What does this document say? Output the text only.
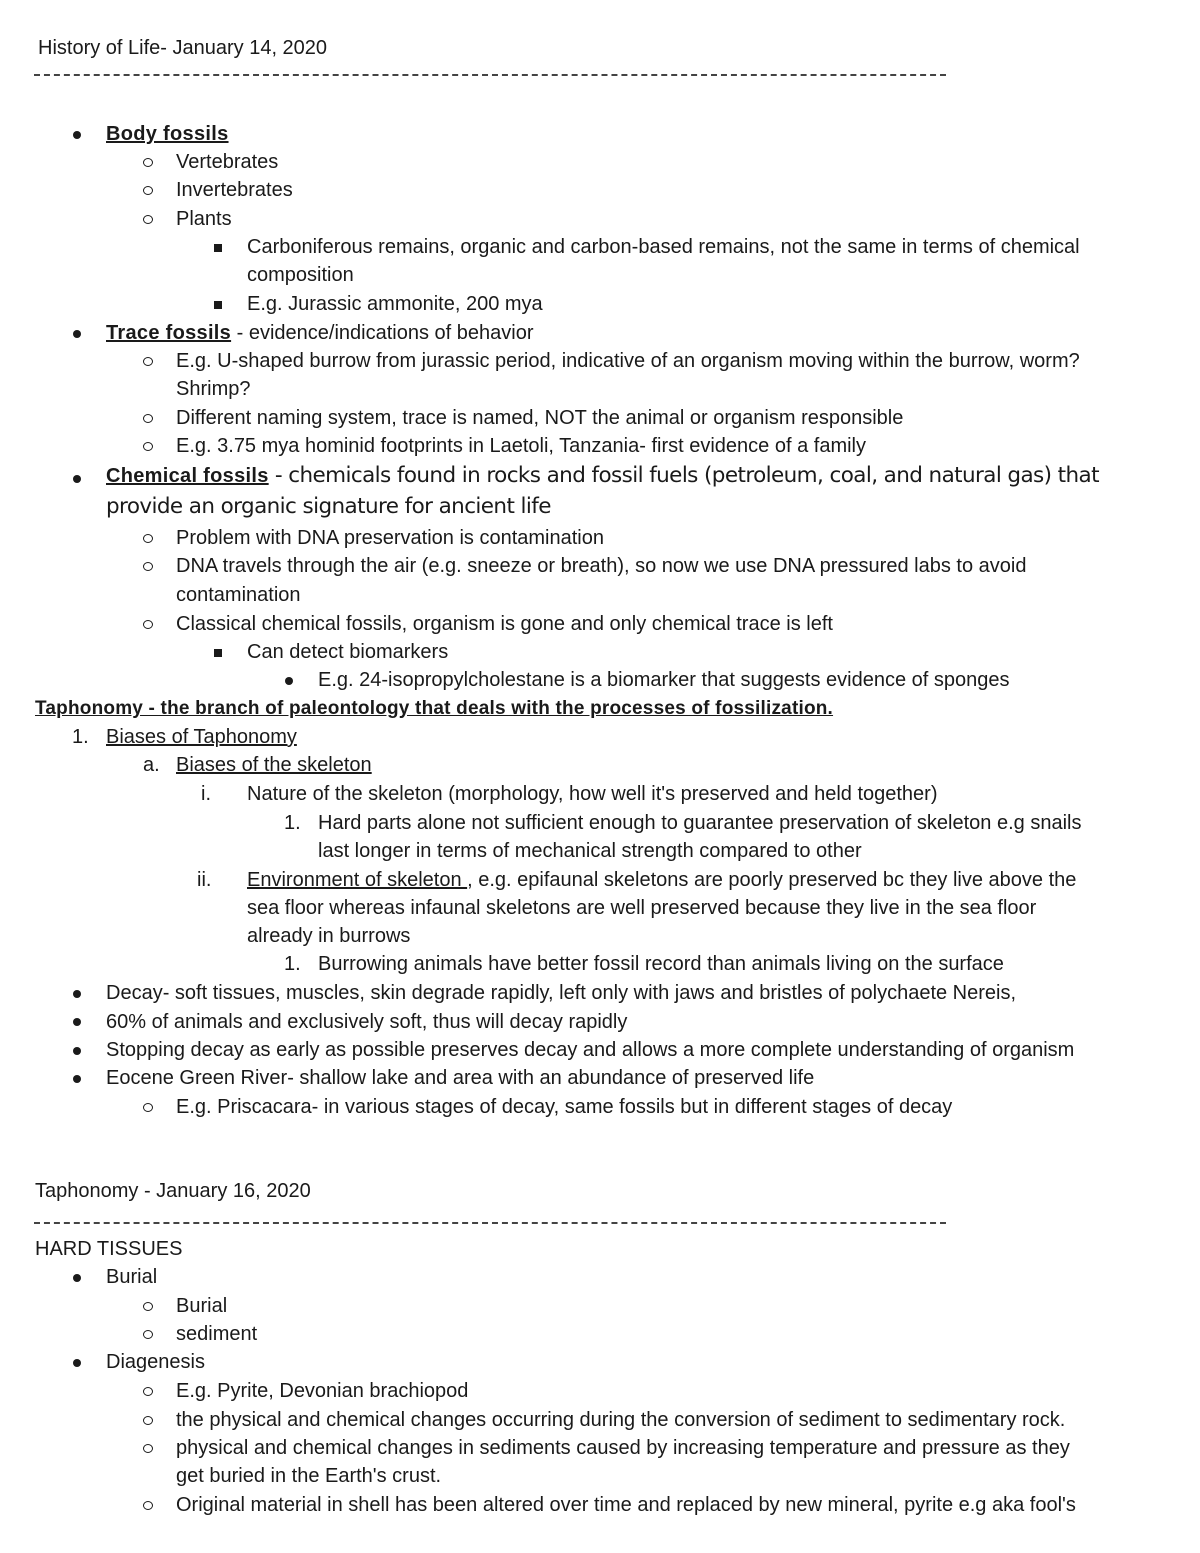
History of Life- January 14, 2020
Body fossils
Vertebrates
Invertebrates
Plants
Carboniferous remains, organic and carbon-based remains, not the same in terms of chemical
composition
E.g. Jurassic ammonite, 200 mya
Trace fossils - evidence/indications of behavior
E.g. U-shaped burrow from jurassic period, indicative of an organism moving within the burrow, worm?
Shrimp?
Different naming system, trace is named, NOT the animal or organism responsible
E.g. 3.75 mya hominid footprints in Laetoli, Tanzania- first evidence of a family
Chemical fossils - chemicals found in rocks and fossil fuels (petroleum, coal, and natural gas) that
provide an organic signature for ancient life
Problem with DNA preservation is contamination
DNA travels through the air (e.g. sneeze or breath), so now we use DNA pressured labs to avoid
contamination
Classical chemical fossils, organism is gone and only chemical trace is left
Can detect biomarkers
E.g. 24-isopropylcholestane is a biomarker that suggests evidence of sponges
Taphonomy - the branch of paleontology that deals with the processes of fossilization.
1. Biases of Taphonomy
a. Biases of the skeleton
i. Nature of the skeleton (morphology, how well it's preserved and held together)
1. Hard parts alone not sufficient enough to guarantee preservation of skeleton e.g snails
last longer in terms of mechanical strength compared to other
ii. Environment of skeleton , e.g. epifaunal skeletons are poorly preserved bc they live above the
sea floor whereas infaunal skeletons are well preserved because they live in the sea floor
already in burrows
1. Burrowing animals have better fossil record than animals living on the surface
Decay- soft tissues, muscles, skin degrade rapidly, left only with jaws and bristles of polychaete Nereis,
60% of animals and exclusively soft, thus will decay rapidly
Stopping decay as early as possible preserves decay and allows a more complete understanding of organism
Eocene Green River- shallow lake and area with an abundance of preserved life
E.g. Priscacara- in various stages of decay, same fossils but in different stages of decay
Taphonomy - January 16, 2020
HARD TISSUES
Burial
Burial
sediment
Diagenesis
E.g. Pyrite, Devonian brachiopod
the physical and chemical changes occurring during the conversion of sediment to sedimentary rock.
physical and chemical changes in sediments caused by increasing temperature and pressure as they
get buried in the Earth's crust.
Original material in shell has been altered over time and replaced by new mineral, pyrite e.g aka fool's
